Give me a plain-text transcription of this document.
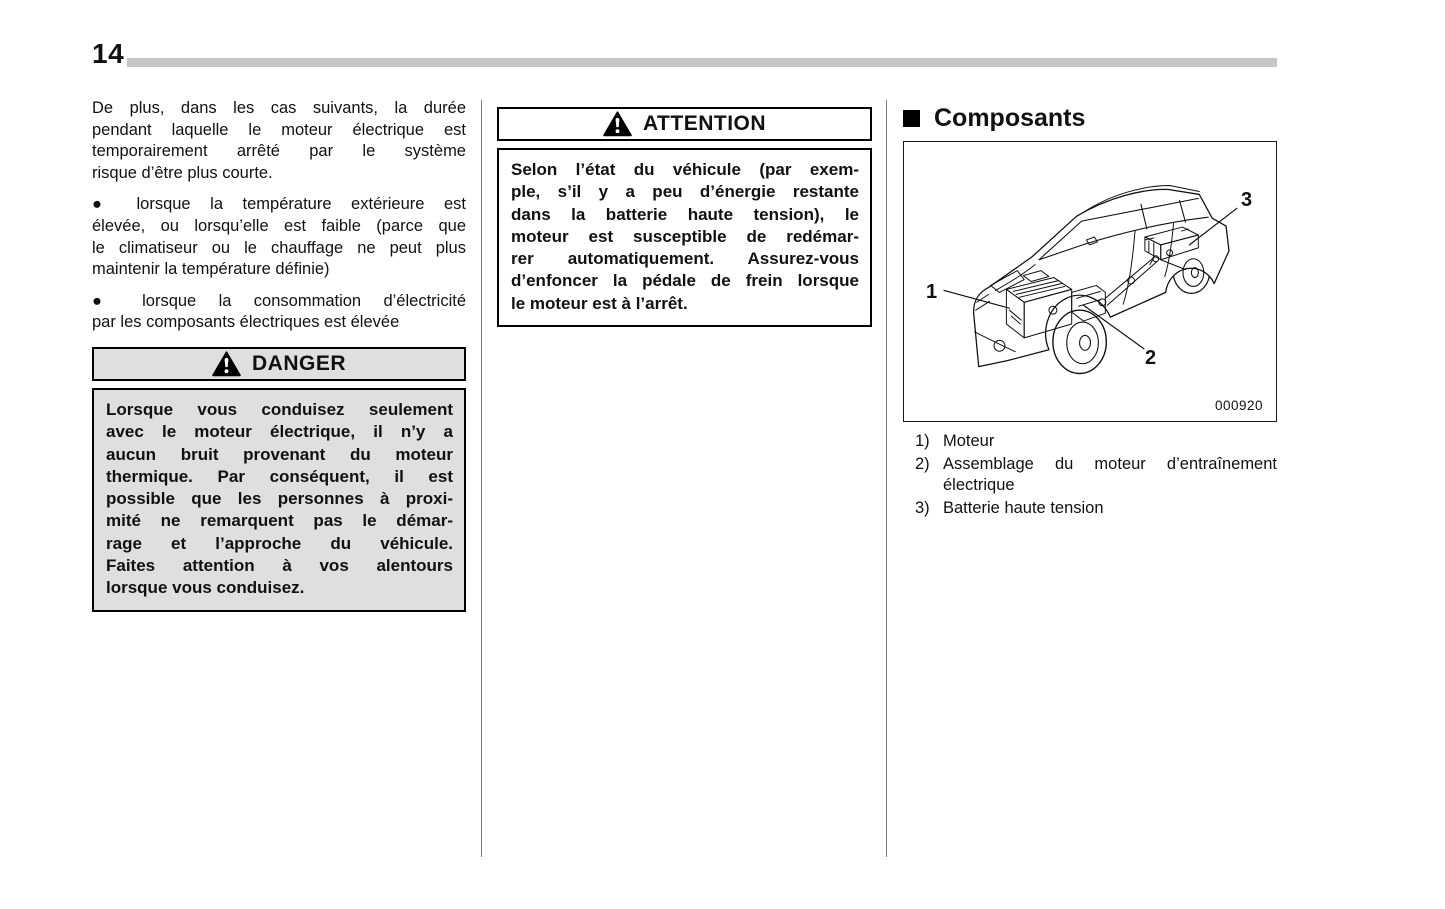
14
De plus, dans les cas suivants, la durée
pendant laquelle le moteur électrique est
temporairement arrêté par le système
risque d’être plus courte.
● lorsque la température extérieure est
élevée, ou lorsqu’elle est faible (parce que
le climatiseur ou le chauffage ne peut plus
maintenir la température définie)
● lorsque la consommation d’électricité
par les composants électriques est élevée
DANGER
Lorsque vous conduisez seulement
avec le moteur électrique, il n’y a
aucun bruit provenant du moteur
thermique. Par conséquent, il est
possible que les personnes à proxi-
mité ne remarquent pas le démar-
rage et l’approche du véhicule.
Faites attention à vos alentours
lorsque vous conduisez.
ATTENTION
Selon l’état du véhicule (par exem-
ple, s’il y a peu d’énergie restante
dans la batterie haute tension), le
moteur est susceptible de redémar-
rer automatiquement. Assurez-vous
d’enfoncer la pédale de frein lorsque
le moteur est à l’arrêt.
Composants
1
2
3
000920
1) Moteur
2) Assemblage du moteur d’entraînement
électrique
3) Batterie haute tension
